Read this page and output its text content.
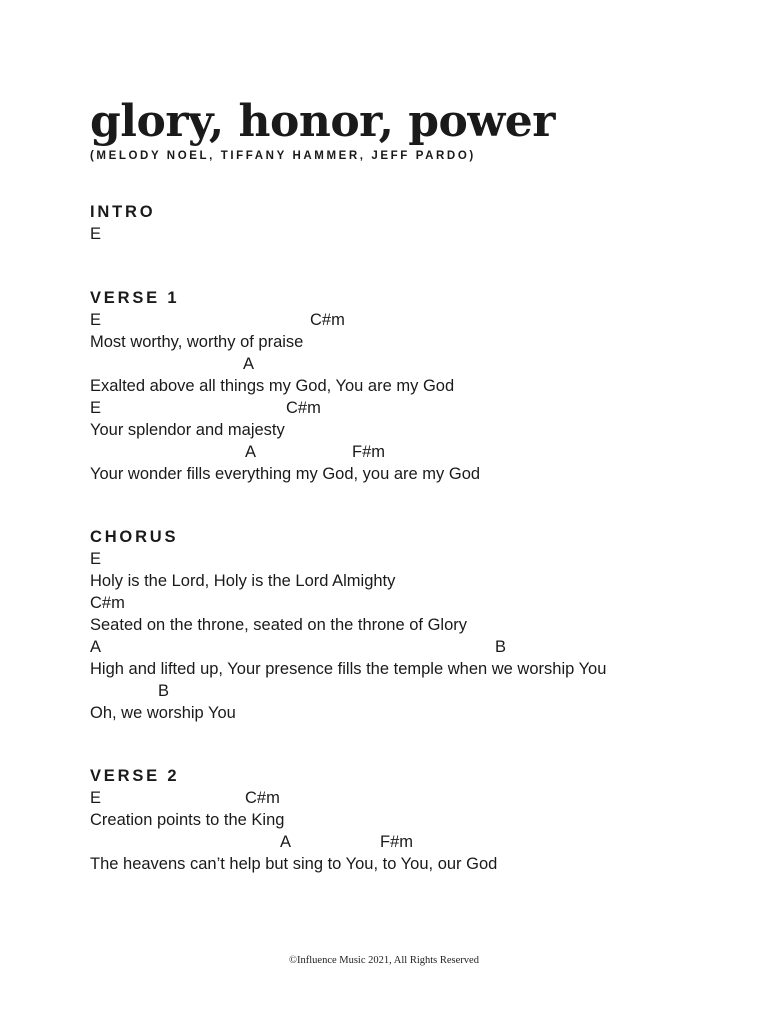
glory, honor, power
(MELODY NOEL, TIFFANY HAMMER, JEFF PARDO)
INTRO
E
VERSE 1
E	C#m
Most worthy, worthy of praise
A
Exalted above all things my God, You are my God
E	C#m
Your splendor and majesty
A	F#m
Your wonder fills everything my God, you are my God
CHORUS
E
Holy is the Lord, Holy is the Lord Almighty
C#m
Seated on the throne, seated on the throne of Glory
A	B
High and lifted up, Your presence fills the temple when we worship You
B
Oh, we worship You
VERSE 2
E	C#m
Creation points to the King
A	F#m
The heavens can’t help but sing to You, to You, our God
©Influence Music 2021, All Rights Reserved
